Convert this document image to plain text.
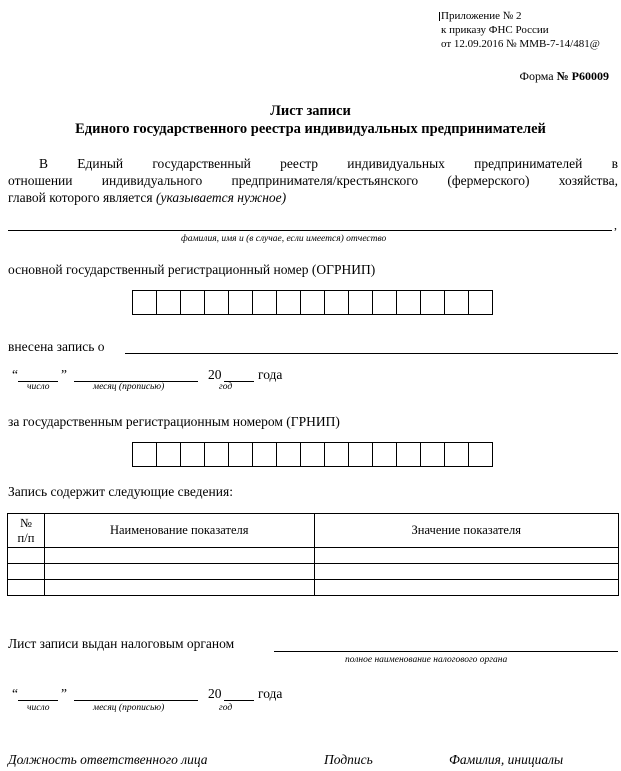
Приложение № 2
к приказу ФНС России
от 12.09.2016 № ММВ-7-14/481@
Форма № Р60009
Лист записи
Единого государственного реестра индивидуальных предпринимателей
В Единый государственный реестр индивидуальных предпринимателей в
отношении индивидуального предпринимателя/крестьянского (фермерского) хозяйства,
главой которого является (указывается нужное)
,
фамилия, имя и (в случае, если имеется) отчество
основной государственный регистрационный номер (ОГРНИП)
внесена запись о
“	”	20	года
число	месяц (прописью)	год
за государственным регистрационным номером (ГРНИП)
Запись содержит следующие сведения:
№
п/п	Наименование показателя	Значение показателя

Лист записи выдан налоговым органом
полное наименование налогового органа
“	”	20	года
число	месяц (прописью)	год
Должность ответственного лица	Подпись	Фамилия, инициалы
